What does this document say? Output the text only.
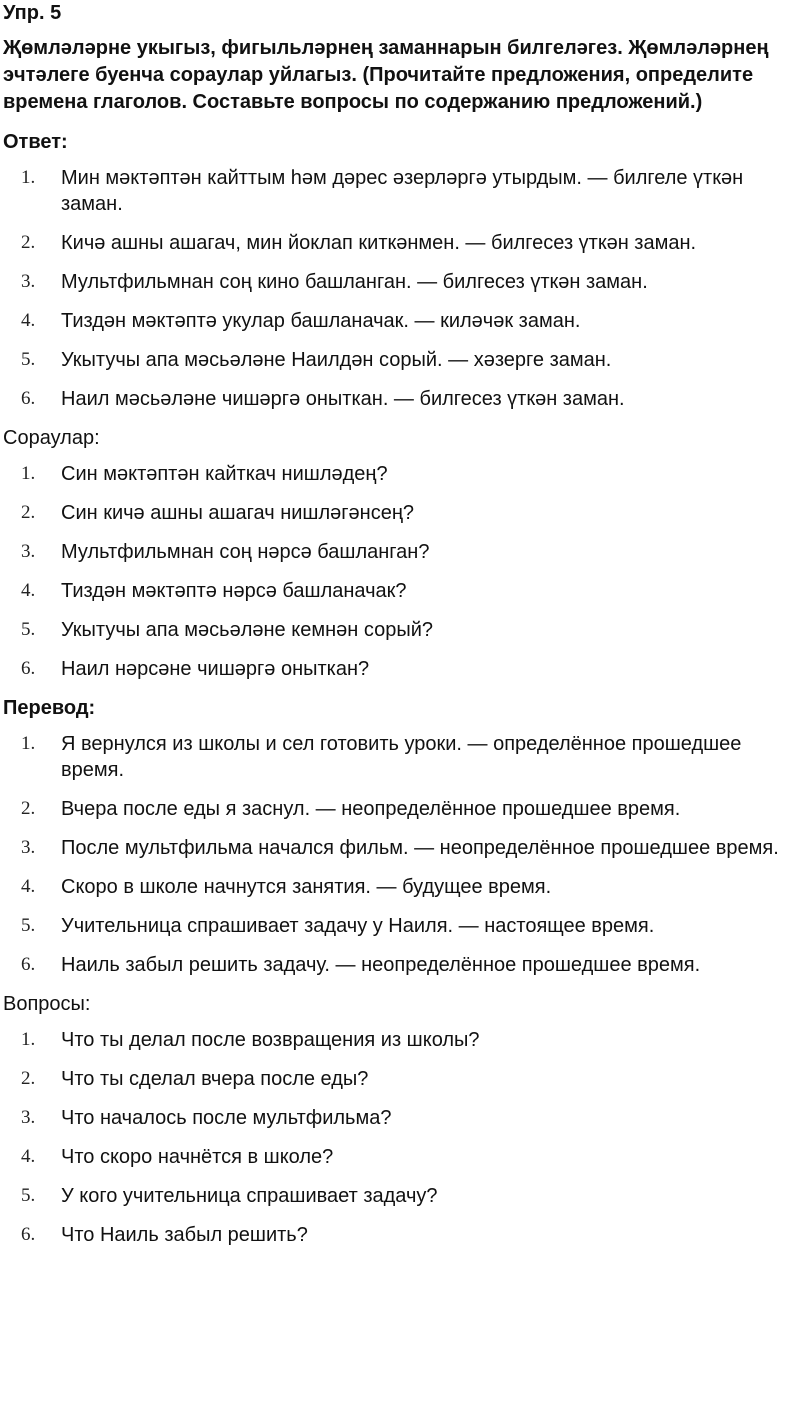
Упр. 5
Җөмләләрне укыгыз, фигыльләрнең заманнарын билгеләгез. Җөмләләрнең эчтәлеге буенча сораулар уйлагыз. (Прочитайте предложения, определите времена глаголов. Составьте вопросы по содержанию предложений.)
Ответ:
1. Мин мәктәптән кайттым һәм дәрес әзерләргә утырдым. — билгеле үткән заман.
2. Кичә ашны ашагач, мин йоклап киткәнмен. — билгесез үткән заман.
3. Мультфильмнан соң кино башланган. — билгесез үткән заман.
4. Тиздән мәктәптә укулар башланачак. — киләчәк заман.
5. Укытучы апа мәсьәләне Наилдән сорый. — хәзерге заман.
6. Наил мәсьәләне чишәргә оныткан. — билгесез үткән заман.
Сораулар:
1. Син мәктәптән кайткач нишләдең?
2. Син кичә ашны ашагач нишләгәнсең?
3. Мультфильмнан соң нәрсә башланган?
4. Тиздән мәктәптә нәрсә башланачак?
5. Укытучы апа мәсьәләне кемнән сорый?
6. Наил нәрсәне чишәргә оныткан?
Перевод:
1. Я вернулся из школы и сел готовить уроки. — определённое прошедшее время.
2. Вчера после еды я заснул. — неопределённое прошедшее время.
3. После мультфильма начался фильм. — неопределённое прошедшее время.
4. Скоро в школе начнутся занятия. — будущее время.
5. Учительница спрашивает задачу у Наиля. — настоящее время.
6. Наиль забыл решить задачу. — неопределённое прошедшее время.
Вопросы:
1. Что ты делал после возвращения из школы?
2. Что ты сделал вчера после еды?
3. Что началось после мультфильма?
4. Что скоро начнётся в школе?
5. У кого учительница спрашивает задачу?
6. Что Наиль забыл решить?
